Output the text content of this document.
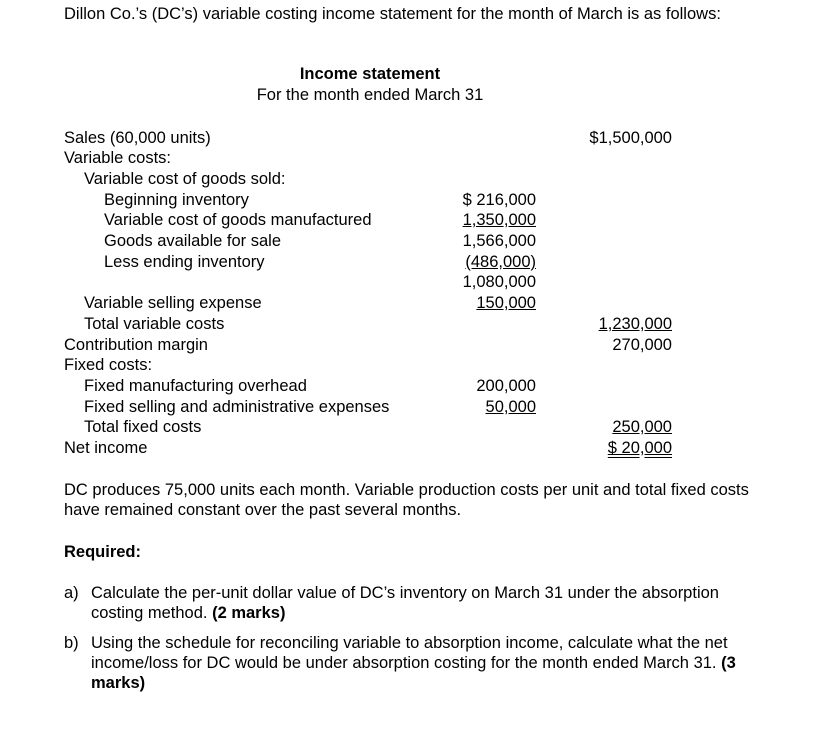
Dillon Co.’s (DC’s) variable costing income statement for the month of March is as follows:
Income statement
For the month ended March 31
Sales (60,000 units)	$1,500,000
Variable costs:
Variable cost of goods sold:
Beginning inventory	$ 216,000
Variable cost of goods manufactured	1,350,000
Goods available for sale	1,566,000
Less ending inventory	(486,000)
1,080,000
Variable selling expense	150,000
Total variable costs	1,230,000
Contribution margin	270,000
Fixed costs:
Fixed manufacturing overhead	200,000
Fixed selling and administrative expenses	50,000
Total fixed costs	250,000
Net income	$ 20,000
DC produces 75,000 units each month. Variable production costs per unit and total fixed costs have remained constant over the past several months.
Required:
a) Calculate the per-unit dollar value of DC’s inventory on March 31 under the absorption costing method. (2 marks)
b) Using the schedule for reconciling variable to absorption income, calculate what the net income/loss for DC would be under absorption costing for the month ended March 31. (3 marks)
